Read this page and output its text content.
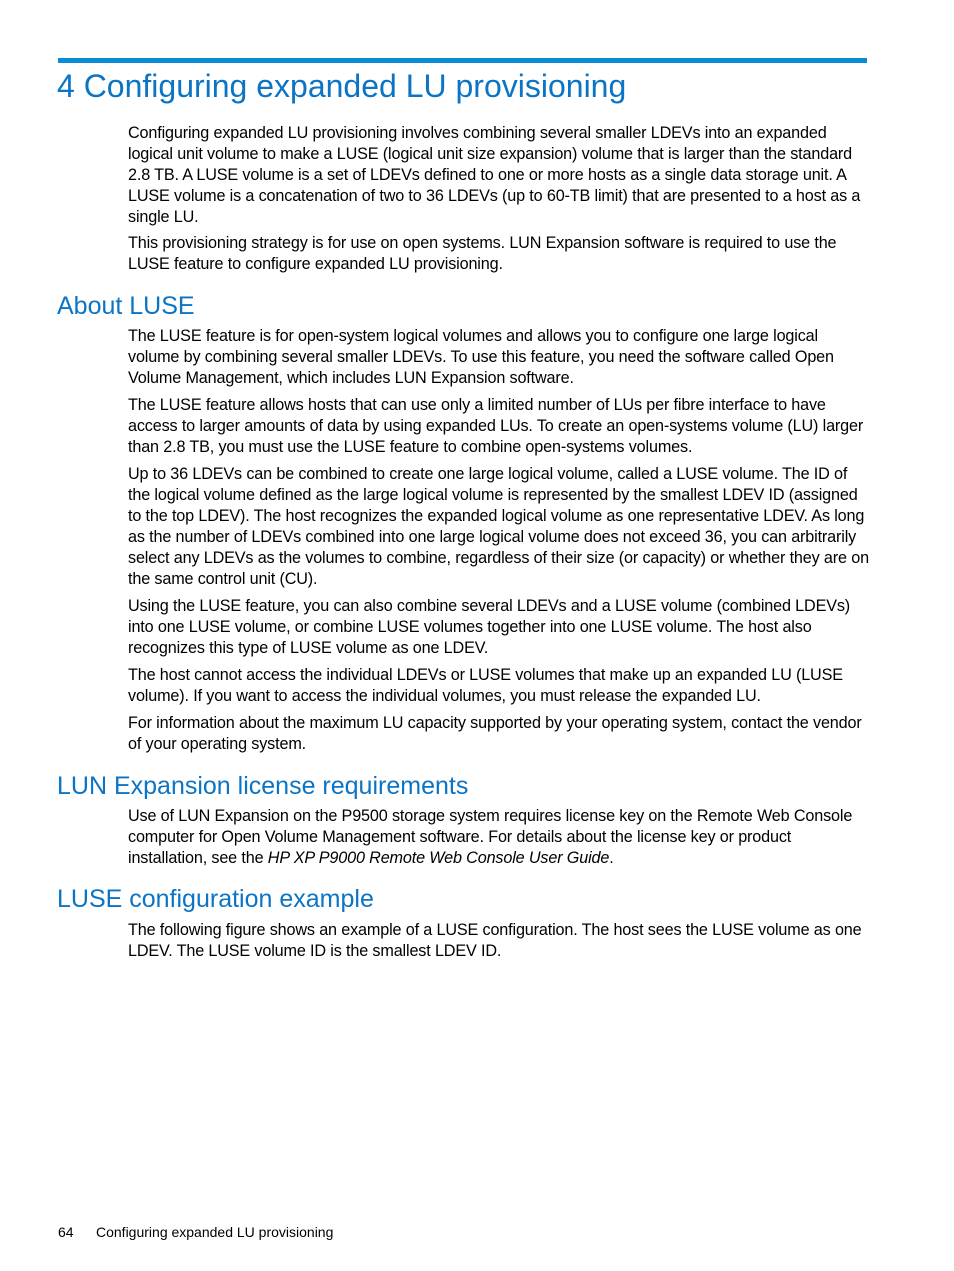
4 Configuring expanded LU provisioning

Configuring expanded LU provisioning involves combining several smaller LDEVs into an expanded logical unit volume to make a LUSE (logical unit size expansion) volume that is larger than the standard 2.8 TB. A LUSE volume is a set of LDEVs defined to one or more hosts as a single data storage unit. A LUSE volume is a concatenation of two to 36 LDEVs (up to 60-TB limit) that are presented to a host as a single LU.

This provisioning strategy is for use on open systems. LUN Expansion software is required to use the LUSE feature to configure expanded LU provisioning.

About LUSE

The LUSE feature is for open-system logical volumes and allows you to configure one large logical volume by combining several smaller LDEVs. To use this feature, you need the software called Open Volume Management, which includes LUN Expansion software.

The LUSE feature allows hosts that can use only a limited number of LUs per fibre interface to have access to larger amounts of data by using expanded LUs. To create an open-systems volume (LU) larger than 2.8 TB, you must use the LUSE feature to combine open-systems volumes.

Up to 36 LDEVs can be combined to create one large logical volume, called a LUSE volume. The ID of the logical volume defined as the large logical volume is represented by the smallest LDEV ID (assigned to the top LDEV). The host recognizes the expanded logical volume as one representative LDEV. As long as the number of LDEVs combined into one large logical volume does not exceed 36, you can arbitrarily select any LDEVs as the volumes to combine, regardless of their size (or capacity) or whether they are on the same control unit (CU).

Using the LUSE feature, you can also combine several LDEVs and a LUSE volume (combined LDEVs) into one LUSE volume, or combine LUSE volumes together into one LUSE volume. The host also recognizes this type of LUSE volume as one LDEV.

The host cannot access the individual LDEVs or LUSE volumes that make up an expanded LU (LUSE volume). If you want to access the individual volumes, you must release the expanded LU.

For information about the maximum LU capacity supported by your operating system, contact the vendor of your operating system.

LUN Expansion license requirements

Use of LUN Expansion on the P9500 storage system requires license key on the Remote Web Console computer for Open Volume Management software. For details about the license key or product installation, see the HP XP P9000 Remote Web Console User Guide.

LUSE configuration example

The following figure shows an example of a LUSE configuration. The host sees the LUSE volume as one LDEV. The LUSE volume ID is the smallest LDEV ID.

64 Configuring expanded LU provisioning
